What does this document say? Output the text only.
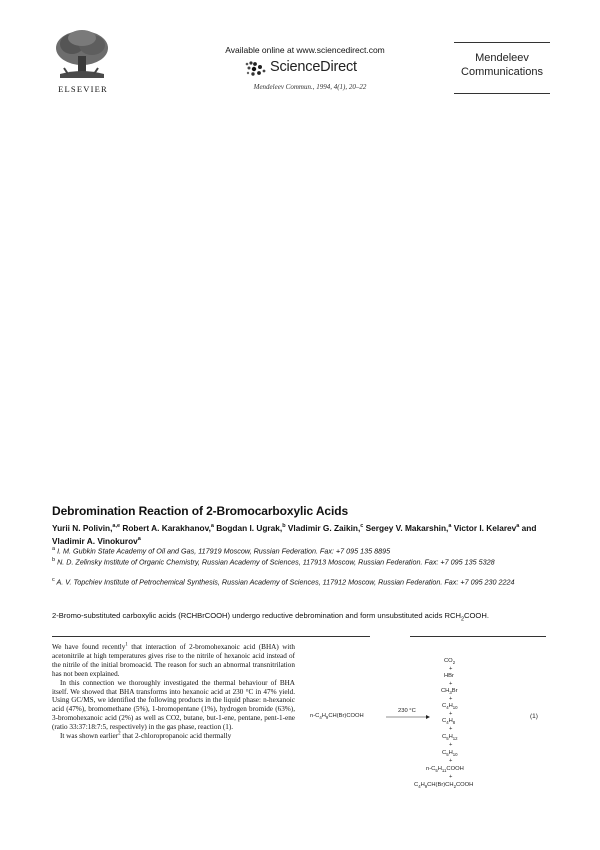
ELSEVIER
Available online at www.sciencedirect.com
ScienceDirect
Mendeleev Commun., 1994, 4(1), 20–22
Mendeleev
Communications
Debromination Reaction of 2-Bromocarboxylic Acids
Yurii N. Polivin,$^{a,e}$ Robert A. Karakhanov,$^a$ Bogdan I. Ugrak,$^b$ Vladimir G. Zaikin,$^c$ Sergey V. Makarshin,$^a$ Victor I. Kelarev$^a$ and Vladimir A. Vinokurov$^a$
$^a$ I. M. Gubkin State Academy of Oil and Gas, 117919 Moscow, Russian Federation. Fax: +7 095 135 8895
$^b$ N. D. Zelinsky Institute of Organic Chemistry, Russian Academy of Sciences, 117913 Moscow, Russian Federation. Fax: +7 095 135 5328
$^c$ A. V. Topchiev Institute of Petrochemical Synthesis, Russian Academy of Sciences, 117912 Moscow, Russian Federation. Fax: +7 095 230 2224
2-Bromo-substituted carboxylic acids (RCHBrCOOH) undergo reductive debromination and form unsubstituted acids $RCH_2COOH$.

We have found recently$^1$ that interaction of 2-bromohexanoic acid (BHA) with acetonitrile at high temperatures gives rise to the nitrile of hexanoic acid instead of the nitrile of the initial bromoacid. The reason for such an abnormal transnitrilation has not been explained.

In this connection we thoroughly investigated the thermal behaviour of BHA itself. We showed that BHA transforms into hexanoic acid at 230 °C in 47% yield. Using GC/MS, we identified the following products in the liquid phase: n-hexanoic acid (47%), bromomethane (5%), 1-bromopentane (1%), hydrogen bromide (63%), 3-bromohexanoic acid (2%) as well as CO2, butane, but-1-ene, pentane, pent-1-ene (ratio 33:37:18:7:5, respectively) in the gas phase, reaction (1).

It was shown earlier$^2$ that 2-chloropropanoic acid thermally

$n-C_4H_9CH(Br)COOH$
230 °C
(1)
$CO_2$
+
HBr
+
$CH_3Br$
+
$C_4H_{10}$
+
$C_4H_8$
+
$C_5H_{12}$
+
$C_5H_{10}$
+
$n-C_5H_{11}COOH$
+
$C_4H_9CH(Br)CH_2COOH$
